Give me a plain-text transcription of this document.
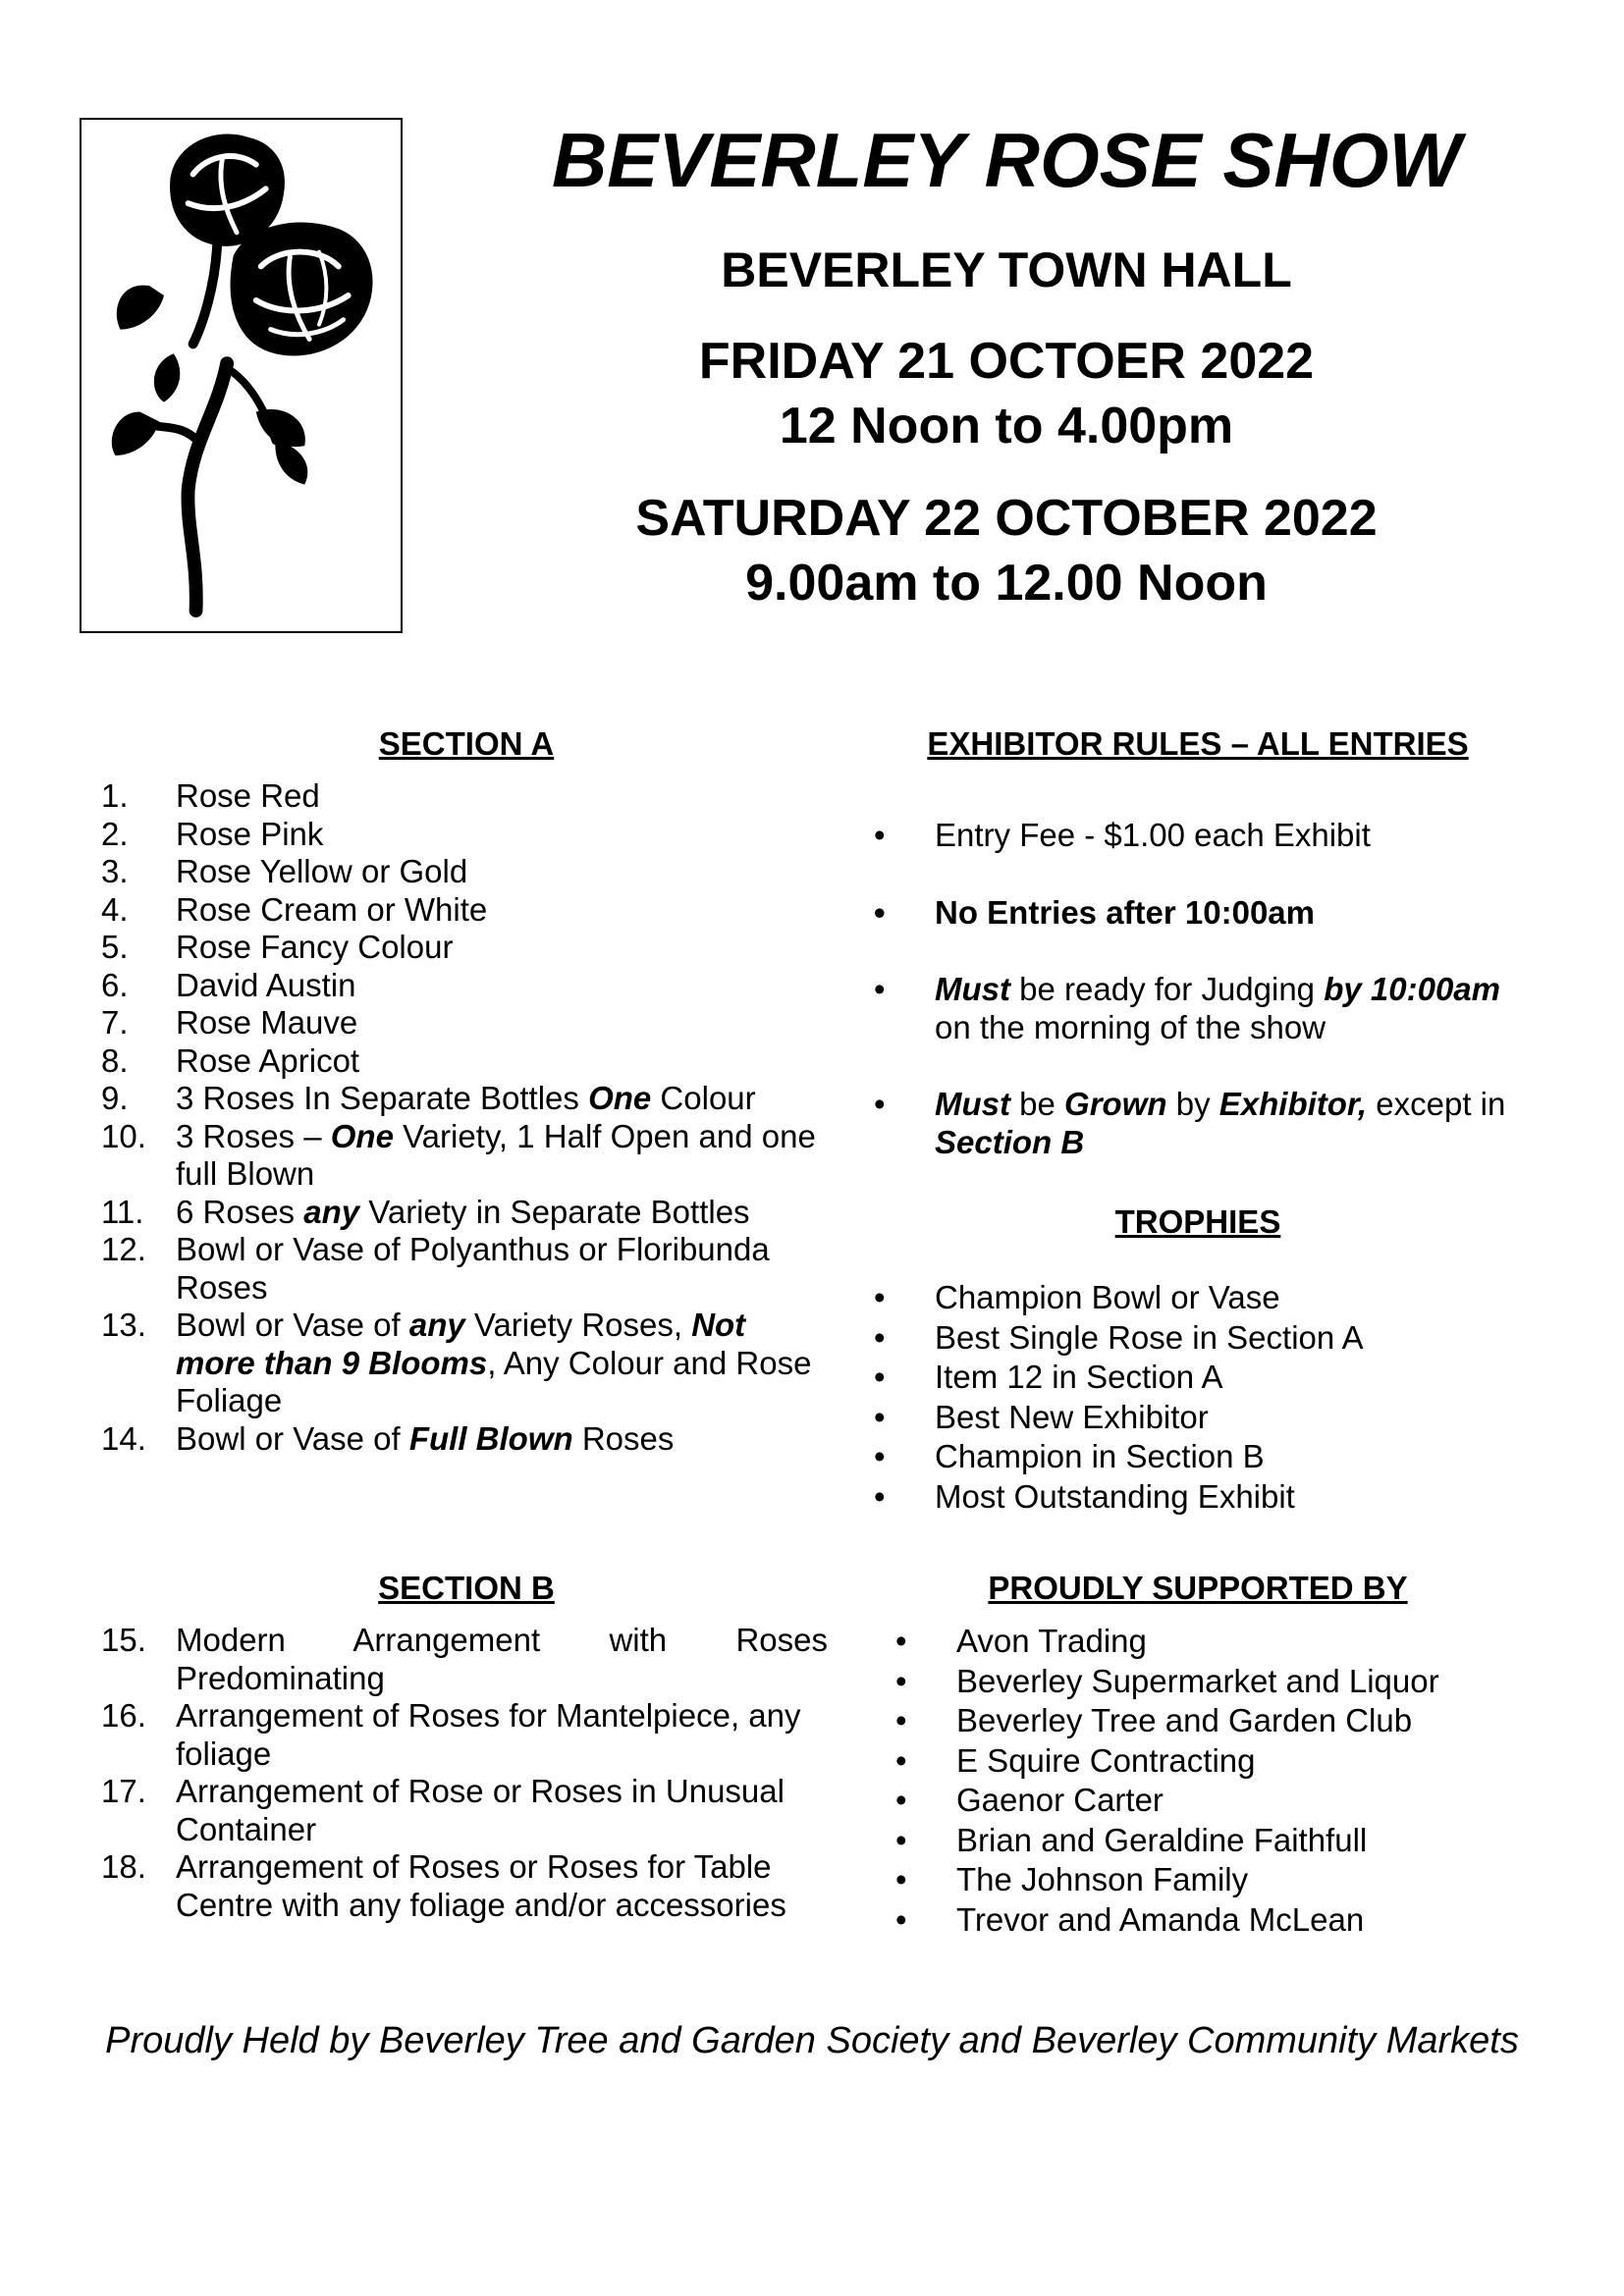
BEVERLEY ROSE SHOW
BEVERLEY TOWN HALL
FRIDAY 21 OCTOER 2022
12 Noon to 4.00pm
SATURDAY 22 OCTOBER 2022
9.00am to 12.00 Noon
SECTION A
1. Rose Red
2. Rose Pink
3. Rose Yellow or Gold
4. Rose Cream or White
5. Rose Fancy Colour
6. David Austin
7. Rose Mauve
8. Rose Apricot
9. 3 Roses In Separate Bottles One Colour
10. 3 Roses – One Variety, 1 Half Open and one full Blown
11. 6 Roses any Variety in Separate Bottles
12. Bowl or Vase of Polyanthus or Floribunda Roses
13. Bowl or Vase of any Variety Roses, Not more than 9 Blooms, Any Colour and Rose Foliage
14. Bowl or Vase of Full Blown Roses
SECTION B
15. Modern Arrangement with Roses Predominating
16. Arrangement of Roses for Mantelpiece, any foliage
17. Arrangement of Rose or Roses in Unusual Container
18. Arrangement of Roses or Roses for Table Centre with any foliage and/or accessories
EXHIBITOR RULES – ALL ENTRIES
• Entry Fee - $1.00 each Exhibit
• No Entries after 10:00am
• Must be ready for Judging by 10:00am
on the morning of the show
• Must be Grown by Exhibitor, except in
Section B
TROPHIES
• Champion Bowl or Vase
• Best Single Rose in Section A
• Item 12 in Section A
• Best New Exhibitor
• Champion in Section B
• Most Outstanding Exhibit
PROUDLY SUPPORTED BY
• Avon Trading
• Beverley Supermarket and Liquor
• Beverley Tree and Garden Club
• E Squire Contracting
• Gaenor Carter
• Brian and Geraldine Faithfull
• The Johnson Family
• Trevor and Amanda McLean
Proudly Held by Beverley Tree and Garden Society and Beverley Community Markets
